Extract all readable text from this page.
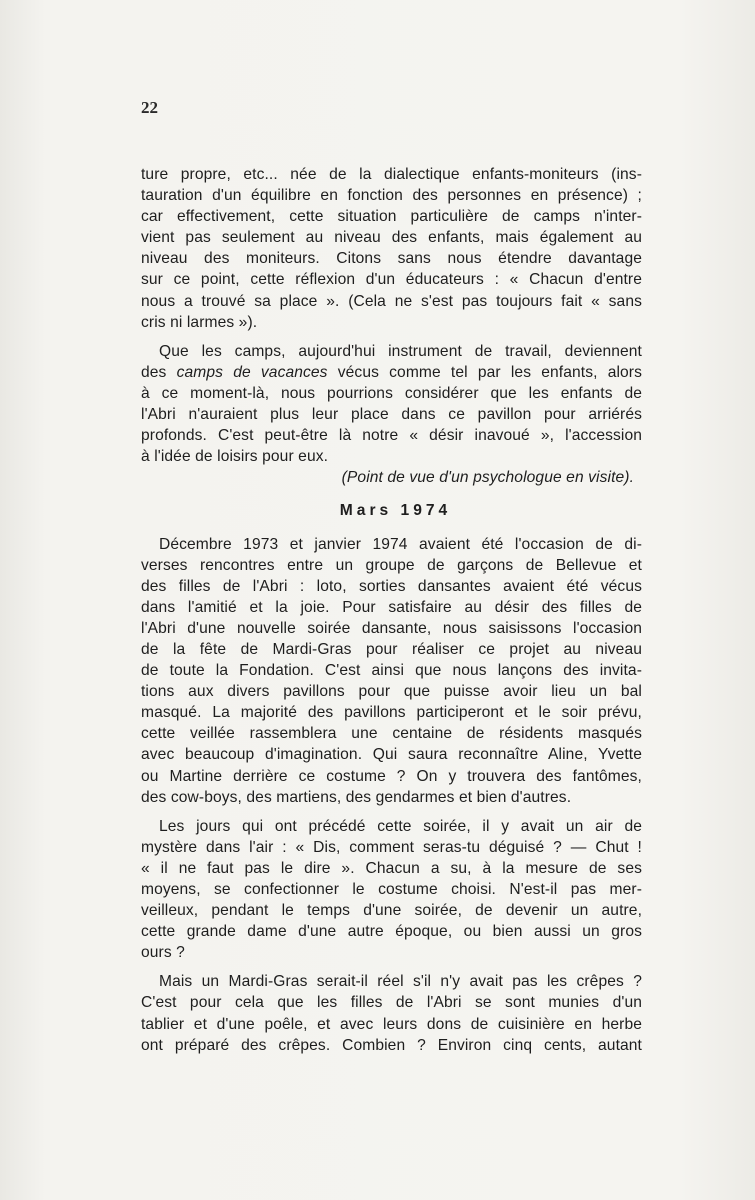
22

ture propre, etc... née de la dialectique enfants-moniteurs (ins-
tauration d'un équilibre en fonction des personnes en présence) ;
car effectivement, cette situation particulière de camps n'inter-
vient pas seulement au niveau des enfants, mais également au
niveau des moniteurs. Citons sans nous étendre davantage
sur ce point, cette réflexion d'un éducateurs : « Chacun d'entre
nous a trouvé sa place ». (Cela ne s'est pas toujours fait « sans
cris ni larmes »).

Que les camps, aujourd'hui instrument de travail, deviennent
des camps de vacances vécus comme tel par les enfants, alors
à ce moment-là, nous pourrions considérer que les enfants de
l'Abri n'auraient plus leur place dans ce pavillon pour arriérés
profonds. C'est peut-être là notre « désir inavoué », l'accession
à l'idée de loisirs pour eux.

(Point de vue d'un psychologue en visite).

Mars 1974

Décembre 1973 et janvier 1974 avaient été l'occasion de di-
verses rencontres entre un groupe de garçons de Bellevue et
des filles de l'Abri : loto, sorties dansantes avaient été vécus
dans l'amitié et la joie. Pour satisfaire au désir des filles de
l'Abri d'une nouvelle soirée dansante, nous saisissons l'occasion
de la fête de Mardi-Gras pour réaliser ce projet au niveau
de toute la Fondation. C'est ainsi que nous lançons des invita-
tions aux divers pavillons pour que puisse avoir lieu un bal
masqué. La majorité des pavillons participeront et le soir prévu,
cette veillée rassemblera une centaine de résidents masqués
avec beaucoup d'imagination. Qui saura reconnaître Aline, Yvette
ou Martine derrière ce costume ? On y trouvera des fantômes,
des cow-boys, des martiens, des gendarmes et bien d'autres.

Les jours qui ont précédé cette soirée, il y avait un air de
mystère dans l'air : « Dis, comment seras-tu déguisé ? — Chut !
« il ne faut pas le dire ». Chacun a su, à la mesure de ses
moyens, se confectionner le costume choisi. N'est-il pas mer-
veilleux, pendant le temps d'une soirée, de devenir un autre,
cette grande dame d'une autre époque, ou bien aussi un gros
ours ?

Mais un Mardi-Gras serait-il réel s'il n'y avait pas les crêpes ?
C'est pour cela que les filles de l'Abri se sont munies d'un
tablier et d'une poêle, et avec leurs dons de cuisinière en herbe
ont préparé des crêpes. Combien ? Environ cinq cents, autant
